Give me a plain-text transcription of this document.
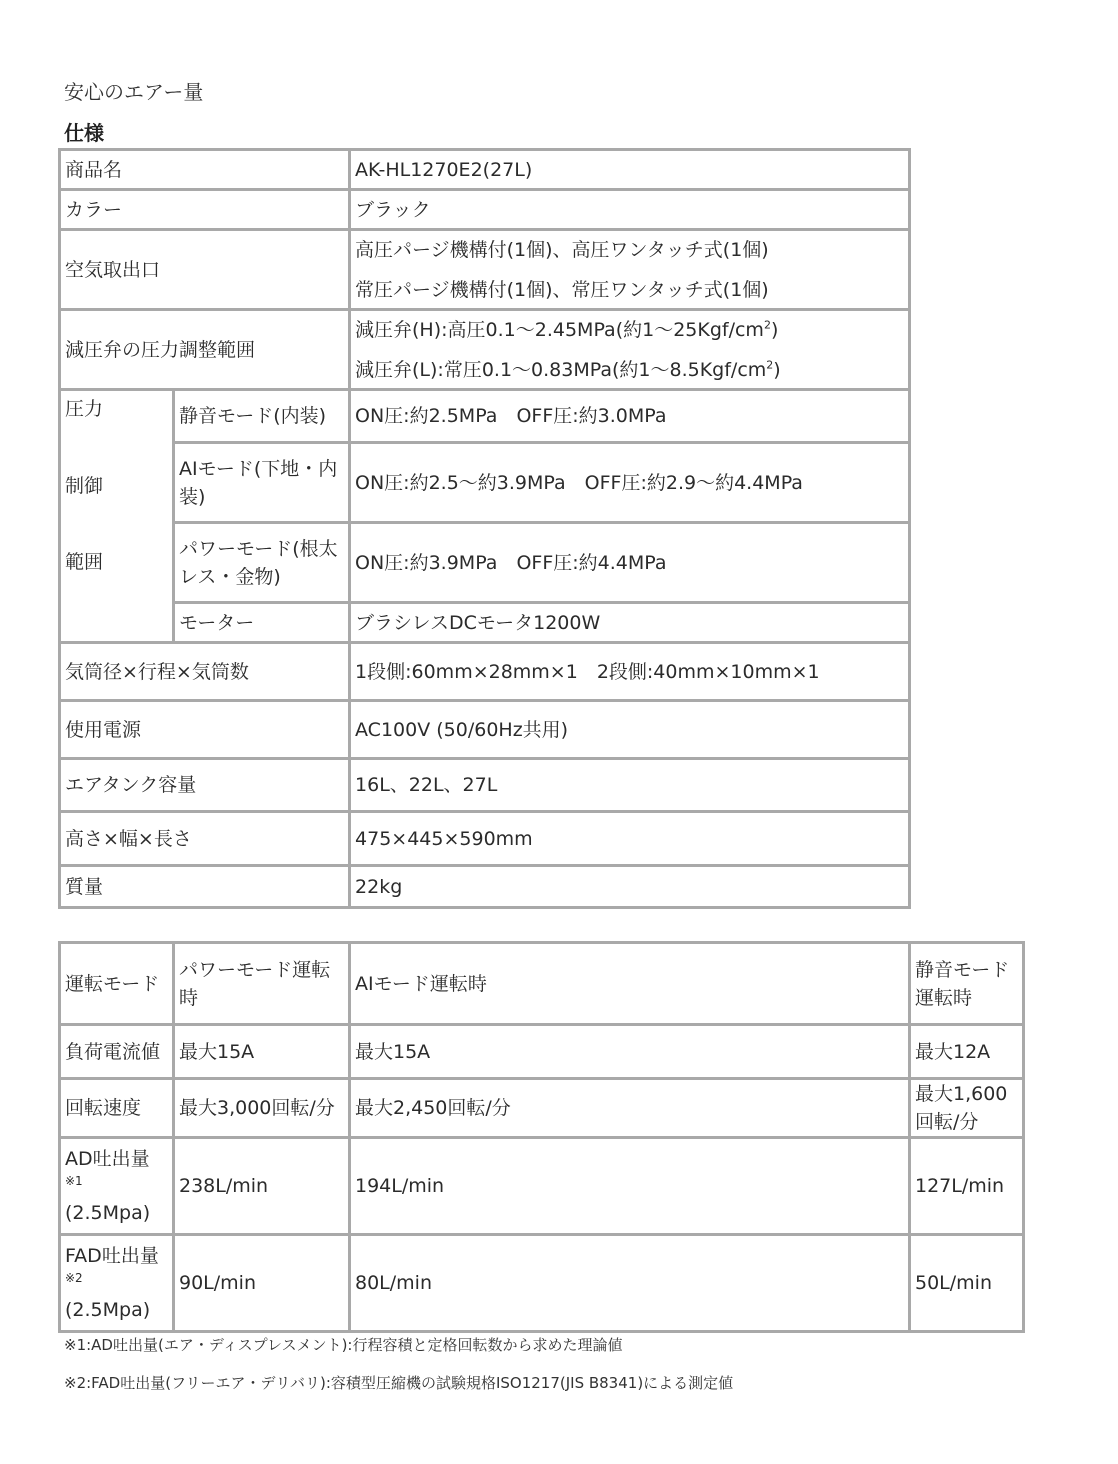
安心のエアー量
仕様
商品名		AK-HL1270E2(27L)
カラー		ブラック
空気取出口		高圧パージ機構付(1個)、高圧ワンタッチ式(1個)
常圧パージ機構付(1個)、常圧ワンタッチ式(1個)

減圧弁の圧力調整範囲		減圧弁(H):高圧0.1～2.45MPa(約$1\sim 25Kgf/cm^2$)
減圧弁(L):常圧0.1～0.83MPa(約$1\sim 8.5Kgf/cm^2$)

圧力
制御
範囲	静音モード(内装)	ON圧:約2.5MPa　OFF圧:約3.0MPa
	AIモード(下地・内装)	ON圧:約2.5～約3.9MPa　OFF圧:約2.9～約4.4MPa
	パワーモード(根太レス・金物)	ON圧:約3.9MPa　OFF圧:約4.4MPa
	モーター	ブラシレスDCモータ1200W
気筒径×行程×気筒数		1段側:60mm×28mm×1　2段側:40mm×10mm×1
使用電源		AC100V (50/60Hz共用)
エアタンク容量		16L、22L、27L
高さ×幅×長さ		475×445×590mm
質量		22kg
運転モード	パワーモード運転時	AIモード運転時	静音モード運転時
負荷電流値	最大15A	最大15A	最大12A
回転速度	最大3,000回転/分	最大2,450回転/分	最大1,600回転/分

AD吐出量
※1
(2.5Mpa)	238L/min	194L/min	127L/min

FAD吐出量
※2
(2.5Mpa)	90L/min	80L/min	50L/min
※1:AD吐出量(エア・ディスプレスメント):行程容積と定格回転数から求めた理論値
※2:FAD吐出量(フリーエア・デリバリ):容積型圧縮機の試験規格ISO1217(JIS B8341)による測定値
